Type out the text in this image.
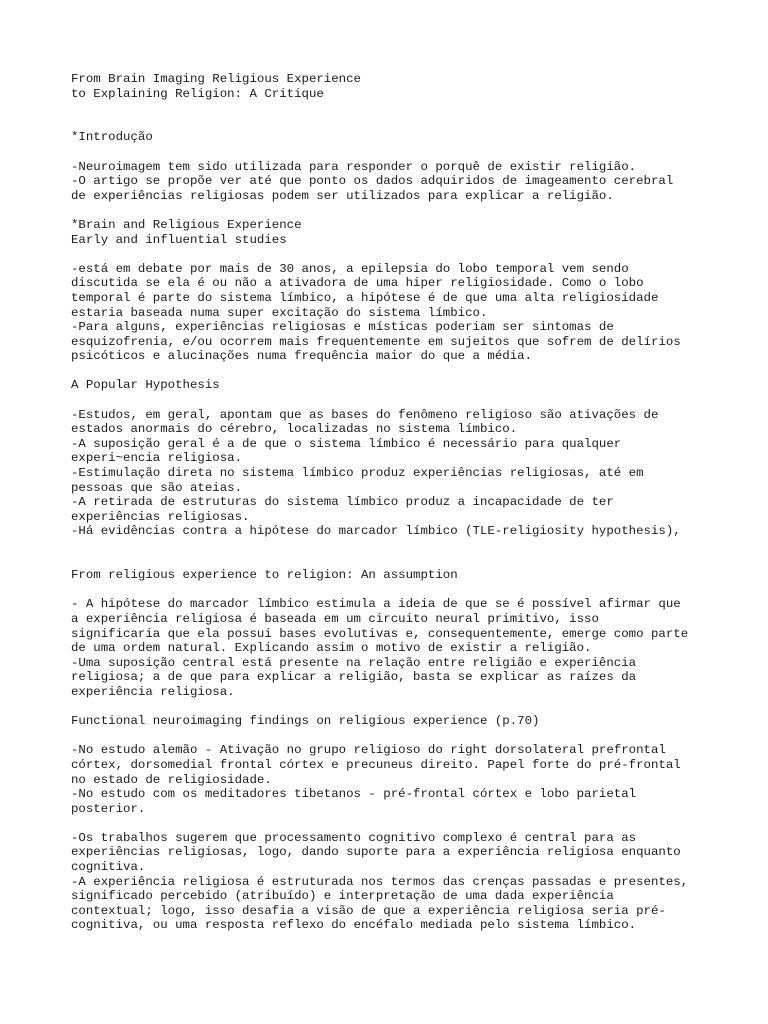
From Brain Imaging Religious Experience
to Explaining Religion: A Critique
*Introdução
-Neuroimagem tem sido utilizada para responder o porquê de existir religião.
-O artigo se propõe ver até que ponto os dados adquiridos de imageamento cerebral
de experiências religiosas podem ser utilizados para explicar a religião.
*Brain and Religious Experience
Early and influential studies
-está em debate por mais de 30 anos, a epilepsia do lobo temporal vem sendo
discutida se ela é ou não a ativadora de uma hiper religiosidade. Como o lobo
temporal é parte do sistema límbico, a hipótese é de que uma alta religiosidade
estaria baseada numa super excitação do sistema límbico.
-Para alguns, experiências religiosas e místicas poderiam ser sintomas de
esquizofrenia, e/ou ocorrem mais frequentemente em sujeitos que sofrem de delírios
psicóticos e alucinações numa frequência maior do que a média.
A Popular Hypothesis
-Estudos, em geral, apontam que as bases do fenômeno religioso são ativações de
estados anormais do cérebro, localizadas no sistema límbico.
-A suposição geral é a de que o sistema límbico é necessário para qualquer
experi~encia religiosa.
-Estimulação direta no sistema límbico produz experiências religiosas, até em
pessoas que são ateias.
-A retirada de estruturas do sistema límbico produz a incapacidade de ter
experiências religiosas.
-Há evidências contra a hipótese do marcador límbico (TLE-religiosity hypothesis),
From religious experience to religion: An assumption
- A hipótese do marcador límbico estimula a ideia de que se é possível afirmar que
a experiência religiosa é baseada em um circuito neural primitivo, isso
significaria que ela possui bases evolutivas e, consequentemente, emerge como parte
de uma ordem natural. Explicando assim o motivo de existir a religião.
-Uma suposição central está presente na relação entre religião e experiência
religiosa; a de que para explicar a religião, basta se explicar as raízes da
experiência religiosa.
Functional neuroimaging findings on religious experience (p.70)
-No estudo alemão - Ativação no grupo religioso do right dorsolateral prefrontal
córtex, dorsomedial frontal córtex e precuneus direito. Papel forte do pré-frontal
no estado de religiosidade.
-No estudo com os meditadores tibetanos - pré-frontal córtex e lobo parietal
posterior.
-Os trabalhos sugerem que processamento cognitivo complexo é central para as
experiências religiosas, logo, dando suporte para a experiência religiosa enquanto
cognitiva.
-A experiência religiosa é estruturada nos termos das crenças passadas e presentes,
significado percebido (atribuído) e interpretação de uma dada experiência
contextual; logo, isso desafia a visão de que a experiência religiosa seria pré-
cognitiva, ou uma resposta reflexo do encéfalo mediada pelo sistema límbico.
